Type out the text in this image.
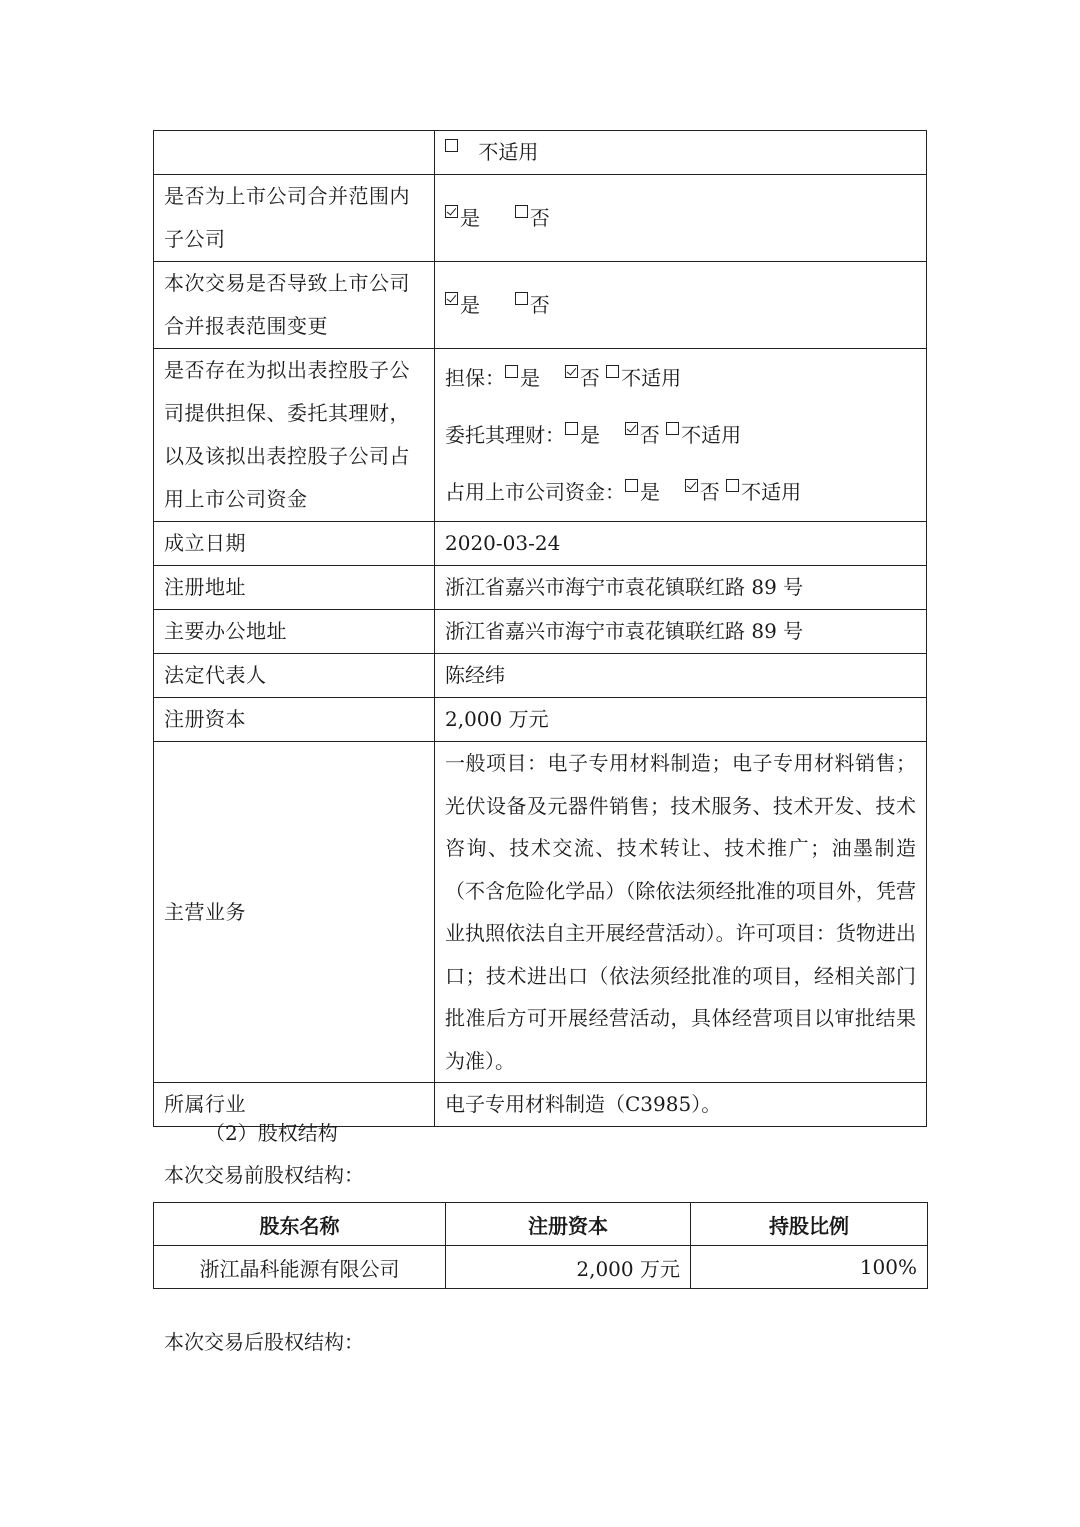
	不适用
是否为上市公司合并范围内子公司	是 否
本次交易是否导致上市公司合并报表范围变更	是 否
是否存在为拟出表控股子公司提供担保、委托其理财，以及该拟出表控股子公司占用上市公司资金	担保： 是 否 不适用
委托其理财： 是 否 不适用
占用上市公司资金： 是 否 不适用

成立日期	2020-03-24
注册地址	浙江省嘉兴市海宁市袁花镇联红路 89 号
主要办公地址	浙江省嘉兴市海宁市袁花镇联红路 89 号
法定代表人	陈经纬
注册资本	2,000 万元
主营业务	一般项目：电子专用材料制造；电子专用材料销售；光伏设备及元器件销售；技术服务、技术开发、技术咨询、技术交流、技术转让、技术推广；油墨制造（不含危险化学品）（除依法须经批准的项目外，凭营业执照依法自主开展经营活动）。许可项目：货物进出口；技术进出口（依法须经批准的项目，经相关部门批准后方可开展经营活动，具体经营项目以审批结果为准）。
所属行业	电子专用材料制造（C3985）。
（2）股权结构
本次交易前股权结构：
股东名称	注册资本	持股比例
浙江晶科能源有限公司	2,000 万元	100%
本次交易后股权结构：
